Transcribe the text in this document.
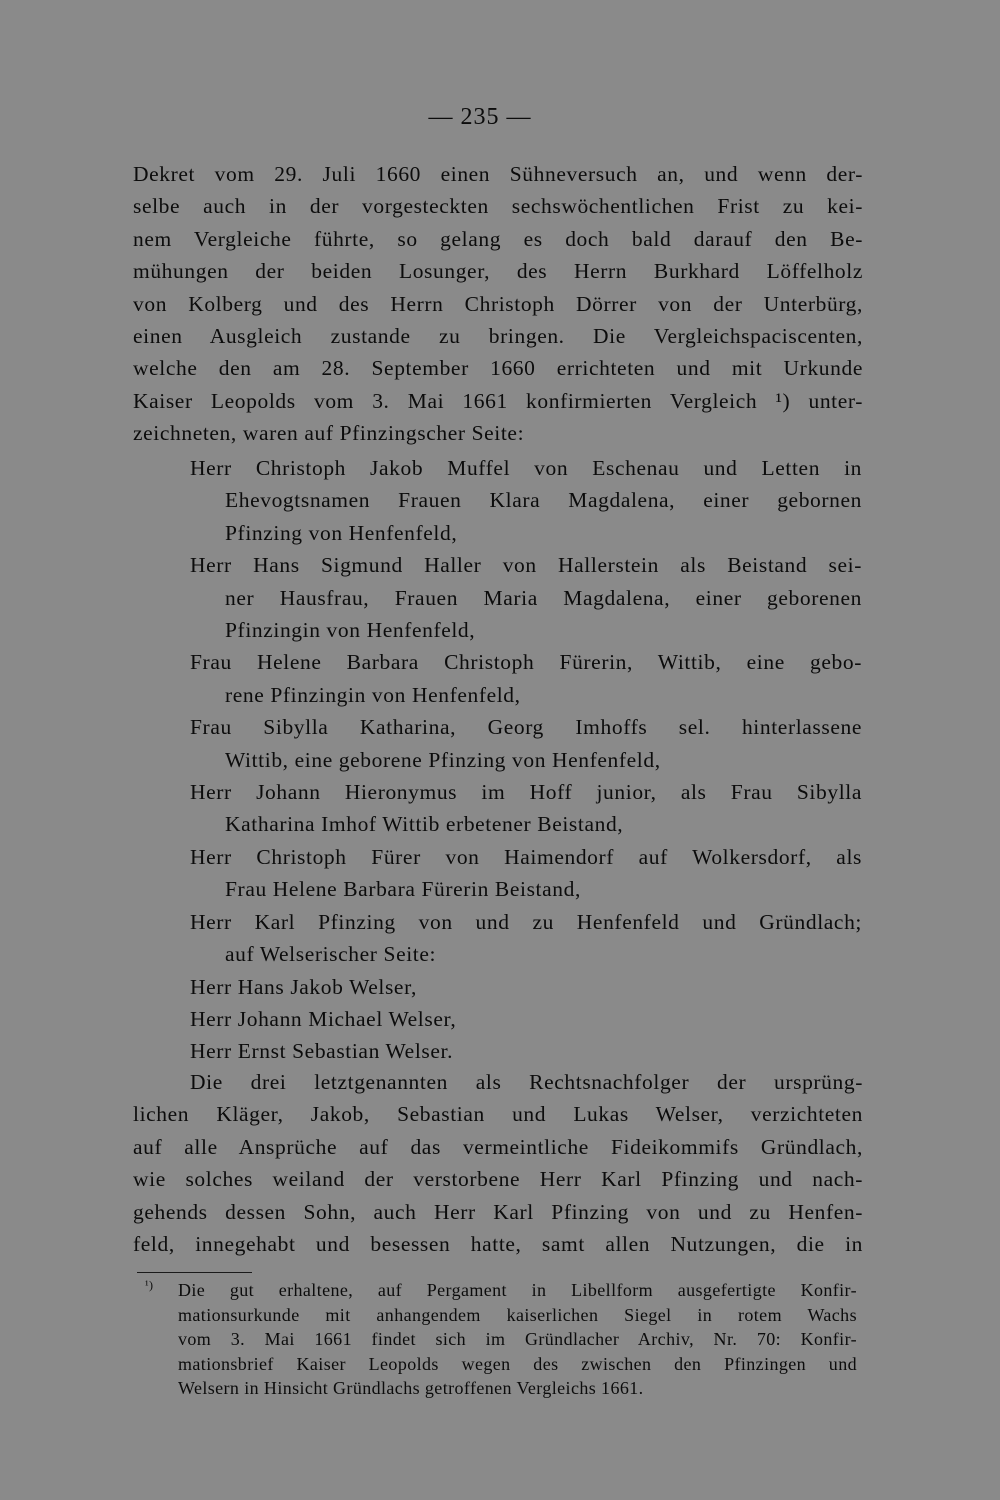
— 235 —
Dekret vom 29. Juli 1660 einen Sühneversuch an, und wenn der-
selbe auch in der vorgesteckten sechswöchentlichen Frist zu kei-
nem Vergleiche führte, so gelang es doch bald darauf den Be-
mühungen der beiden Losunger, des Herrn Burkhard Löffelholz
von Kolberg und des Herrn Christoph Dörrer von der Unterbürg,
einen Ausgleich zustande zu bringen. Die Vergleichspaciscenten,
welche den am 28. September 1660 errichteten und mit Urkunde
Kaiser Leopolds vom 3. Mai 1661 konfirmierten Vergleich ¹) unter-
zeichneten, waren auf Pfinzingscher Seite:
Herr Christoph Jakob Muffel von Eschenau und Letten in
Ehevogtsnamen Frauen Klara Magdalena, einer gebornen
Pfinzing von Henfenfeld,
Herr Hans Sigmund Haller von Hallerstein als Beistand sei-
ner Hausfrau, Frauen Maria Magdalena, einer geborenen
Pfinzingin von Henfenfeld,
Frau Helene Barbara Christoph Fürerin, Wittib, eine gebo-
rene Pfinzingin von Henfenfeld,
Frau Sibylla Katharina, Georg Imhoffs sel. hinterlassene
Wittib, eine geborene Pfinzing von Henfenfeld,
Herr Johann Hieronymus im Hoff junior, als Frau Sibylla
Katharina Imhof Wittib erbetener Beistand,
Herr Christoph Fürer von Haimendorf auf Wolkersdorf, als
Frau Helene Barbara Fürerin Beistand,
Herr Karl Pfinzing von und zu Henfenfeld und Gründlach;
auf Welserischer Seite:
Herr Hans Jakob Welser,
Herr Johann Michael Welser,
Herr Ernst Sebastian Welser.
Die drei letztgenannten als Rechtsnachfolger der ursprüng-
lichen Kläger, Jakob, Sebastian und Lukas Welser, verzichteten
auf alle Ansprüche auf das vermeintliche Fideikommifs Gründlach,
wie solches weiland der verstorbene Herr Karl Pfinzing und nach-
gehends dessen Sohn, auch Herr Karl Pfinzing von und zu Henfen-
feld, innegehabt und besessen hatte, samt allen Nutzungen, die in
¹) Die gut erhaltene, auf Pergament in Libellform ausgefertigte Konfir-
mationsurkunde mit anhangendem kaiserlichen Siegel in rotem Wachs
vom 3. Mai 1661 findet sich im Gründlacher Archiv, Nr. 70: Konfir-
mationsbrief Kaiser Leopolds wegen des zwischen den Pfinzingen und
Welsern in Hinsicht Gründlachs getroffenen Vergleichs 1661.
